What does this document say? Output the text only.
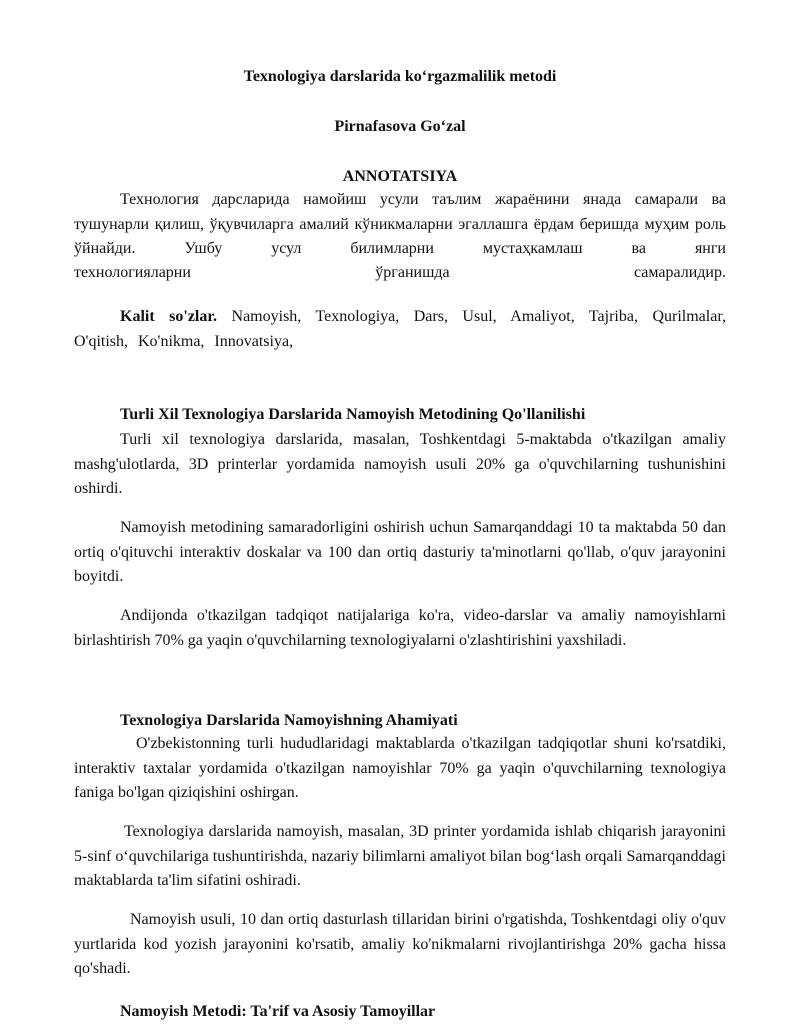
Texnologiya darslarida ko‘rgazmalilik metodi
Pirnafasova Go‘zal
ANNOTATSIYA
Технология дарсларида намойиш усули таълим жараёнини янада самарали ва тушунарли қилиш, ўқувчиларга амалий кўникмаларни эгаллашга ёрдам беришда муҳим роль ўйнайди. Ушбу усул билимларни мустаҳкамлаш ва янги
технологияларни ўрганишда самаралидир.
Kalit so'zlar. Namoyish, Texnologiya, Dars, Usul, Amaliyot, Tajriba, Qurilmalar, O'qitish, Ko'nikma, Innovatsiya,
Turli Xil Texnologiya Darslarida Namoyish Metodining Qo'llanilishi
Turli xil texnologiya darslarida, masalan, Toshkentdagi 5-maktabda o'tkazilgan amaliy mashg'ulotlarda, 3D printerlar yordamida namoyish usuli 20% ga o'quvchilarning tushunishini oshirdi.
Namoyish metodining samaradorligini oshirish uchun Samarqanddagi 10 ta maktabda 50 dan ortiq o'qituvchi interaktiv doskalar va 100 dan ortiq dasturiy ta'minotlarni qo'llab, o'quv jarayonini boyitdi.
Andijonda o'tkazilgan tadqiqot natijalariga ko'ra, video-darslar va amaliy namoyishlarni birlashtirish 70% ga yaqin o'quvchilarning texnologiyalarni o'zlashtirishini yaxshiladi.
Texnologiya Darslarida Namoyishning Ahamiyati
O'zbekistonning turli hududlaridagi maktablarda o'tkazilgan tadqiqotlar shuni ko'rsatdiki, interaktiv taxtalar yordamida o'tkazilgan namoyishlar 70% ga yaqin o'quvchilarning texnologiya faniga bo'lgan qiziqishini oshirgan.
Texnologiya darslarida namoyish, masalan, 3D printer yordamida ishlab chiqarish jarayonini 5-sinf o‘quvchilariga tushuntirishda, nazariy bilimlarni amaliyot bilan bog‘lash orqali Samarqanddagi maktablarda ta'lim sifatini oshiradi.
Namoyish usuli, 10 dan ortiq dasturlash tillaridan birini o'rgatishda, Toshkentdagi oliy o'quv yurtlarida kod yozish jarayonini ko'rsatib, amaliy ko'nikmalarni rivojlantirishga 20% gacha hissa qo'shadi.
Namoyish Metodi: Ta'rif va Asosiy Tamoyillar
